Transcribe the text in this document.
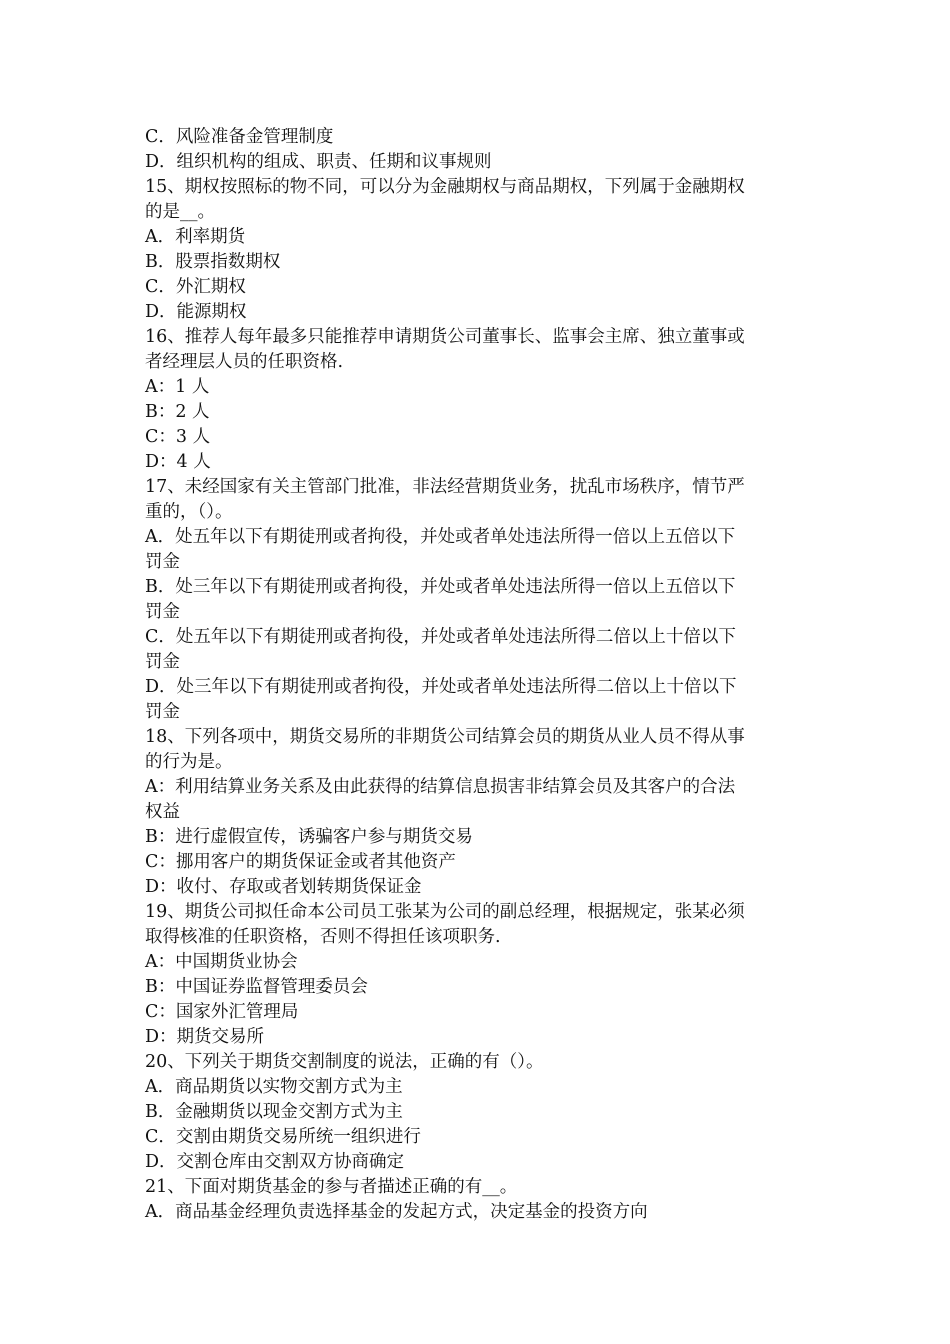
C．风险准备金管理制度
D．组织机构的组成、职责、任期和议事规则
15、期权按照标的物不同，可以分为金融期权与商品期权，下列属于金融期权
的是__。
A．利率期货
B．股票指数期权
C．外汇期权
D．能源期权
16、推荐人每年最多只能推荐申请期货公司董事长、监事会主席、独立董事或
者经理层人员的任职资格.
A：1 人
B：2 人
C：3 人
D：4 人
17、未经国家有关主管部门批准，非法经营期货业务，扰乱市场秩序，情节严
重的，（）。
A．处五年以下有期徒刑或者拘役，并处或者单处违法所得一倍以上五倍以下
罚金
B．处三年以下有期徒刑或者拘役，并处或者单处违法所得一倍以上五倍以下
罚金
C．处五年以下有期徒刑或者拘役，并处或者单处违法所得二倍以上十倍以下
罚金
D．处三年以下有期徒刑或者拘役，并处或者单处违法所得二倍以上十倍以下
罚金
18、下列各项中，期货交易所的非期货公司结算会员的期货从业人员不得从事
的行为是。
A：利用结算业务关系及由此获得的结算信息损害非结算会员及其客户的合法
权益
B：进行虚假宣传，诱骗客户参与期货交易
C：挪用客户的期货保证金或者其他资产
D：收付、存取或者划转期货保证金
19、期货公司拟任命本公司员工张某为公司的副总经理，根据规定，张某必须
取得核准的任职资格，否则不得担任该项职务.
A：中国期货业协会
B：中国证券监督管理委员会
C：国家外汇管理局
D：期货交易所
20、下列关于期货交割制度的说法，正确的有（）。
A．商品期货以实物交割方式为主
B．金融期货以现金交割方式为主
C．交割由期货交易所统一组织进行
D．交割仓库由交割双方协商确定
21、下面对期货基金的参与者描述正确的有__。
A．商品基金经理负责选择基金的发起方式，决定基金的投资方向
